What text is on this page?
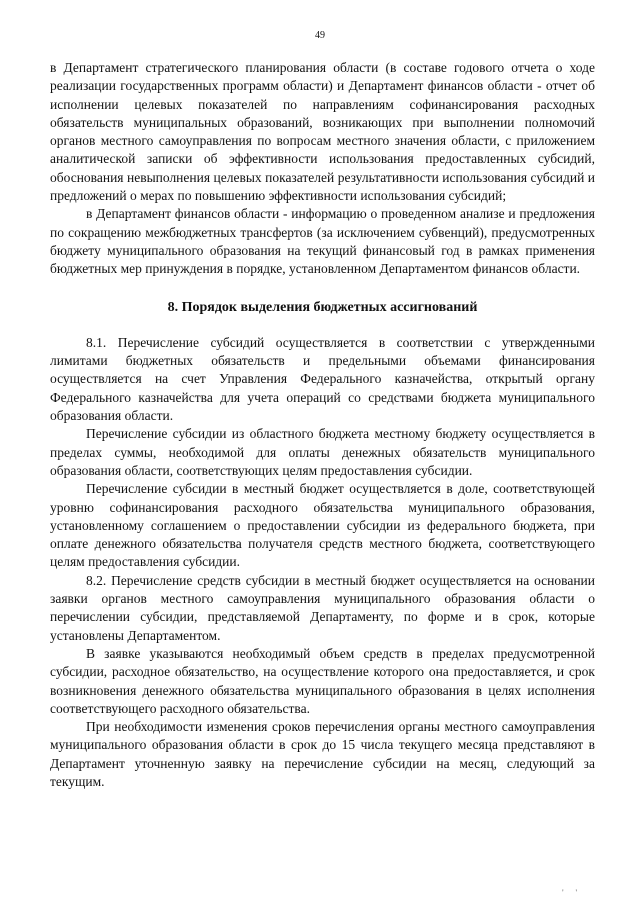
49

в Департамент стратегического планирования области (в составе годового отчета о ходе реализации государственных программ области) и Департамент финансов области - отчет об исполнении целевых показателей по направлениям софинансирования расходных обязательств муниципальных образований, возникающих при выполнении полномочий органов местного самоуправления по вопросам местного значения области, с приложением аналитической записки об эффективности использования предоставленных субсидий, обоснования невыполнения целевых показателей результативности использования субсидий и предложений о мерах по повышению эффективности использования субсидий;

в Департамент финансов области - информацию о проведенном анализе и предложения по сокращению межбюджетных трансфертов (за исключением субвенций), предусмотренных бюджету муниципального образования на текущий финансовый год в рамках применения бюджетных мер принуждения в порядке, установленном Департаментом финансов области.

8. Порядок выделения бюджетных ассигнований

8.1. Перечисление субсидий осуществляется в соответствии с утвержденными лимитами бюджетных обязательств и предельными объемами финансирования осуществляется на счет Управления Федерального казначейства, открытый органу Федерального казначейства для учета операций со средствами бюджета муниципального образования области.

Перечисление субсидии из областного бюджета местному бюджету осуществляется в пределах суммы, необходимой для оплаты денежных обязательств муниципального образования области, соответствующих целям предоставления субсидии.

Перечисление субсидии в местный бюджет осуществляется в доле, соответствующей уровню софинансирования расходного обязательства муниципального образования, установленному соглашением о предоставлении субсидии из федерального бюджета, при оплате денежного обязательства получателя средств местного бюджета, соответствующего целям предоставления субсидии.

8.2. Перечисление средств субсидии в местный бюджет осуществляется на основании заявки органов местного самоуправления муниципального образования области о перечислении субсидии, представляемой Департаменту, по форме и в срок, которые установлены Департаментом.

В заявке указываются необходимый объем средств в пределах предусмотренной субсидии, расходное обязательство, на осуществление которого она предоставляется, и срок возникновения денежного обязательства муниципального образования в целях исполнения соответствующего расходного обязательства.

При необходимости изменения сроков перечисления органы местного самоуправления муниципального образования области в срок до 15 числа текущего месяца представляют в Департамент уточненную заявку на перечисление субсидии на месяц, следующий за текущим.

' '
